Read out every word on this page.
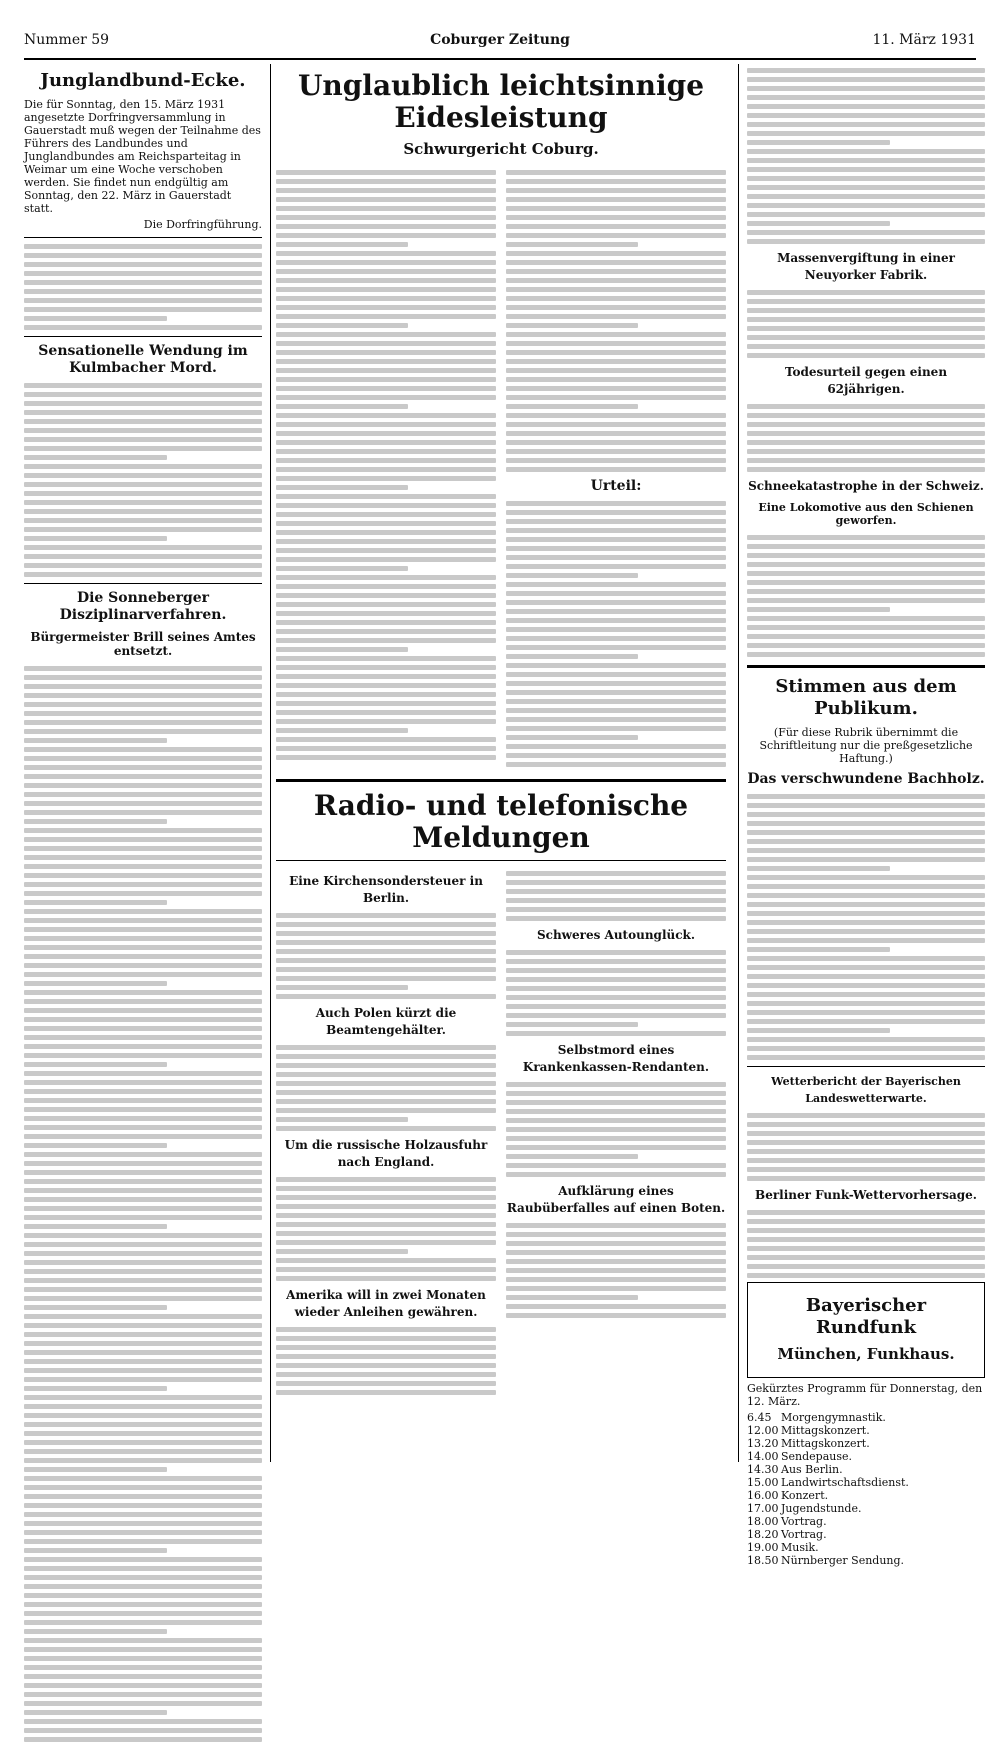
Nummer 59	Coburger Zeitung	11. März 1931
Junglandbund-Ecke.
Die für Sonntag, den 15. März 1931 angesetzte Dorfringversammlung in Gauerstadt muß wegen der Teilnahme des Führers des Landbundes und Junglandbundes am Reichsparteitag in Weimar um eine Woche verschoben werden. Sie findet nun endgültig am Sonntag, den 22. März in Gauerstadt statt.
Die Dorfringführung.
Sensationelle Wendung im Kulmbacher Mord.
Die Sonneberger Disziplinarverfahren.
Bürgermeister Brill seines Amtes entsetzt.
Unglaublich leichtsinnige Eidesleistung
Schwurgericht Coburg.
Urteil:
Radio- und telefonische Meldungen
Eine Kirchensondersteuer in Berlin.
Auch Polen kürzt die Beamtengehälter.
Um die russische Holzausfuhr nach England.
Amerika will in zwei Monaten wieder Anleihen gewähren.
Schweres Autounglück.
Selbstmord eines Krankenkassen-Rendanten.
Aufklärung eines Raubüberfalles auf einen Boten.
Massenvergiftung in einer Neuyorker Fabrik.
Todesurteil gegen einen 62jährigen.
Schneekatastrophe in der Schweiz.
Eine Lokomotive aus den Schienen geworfen.
Stimmen aus dem Publikum.
(Für diese Rubrik übernimmt die Schriftleitung nur die preßgesetzliche Haftung.)
Das verschwundene Bachholz.
Wetterbericht der Bayerischen Landeswetterwarte.
Berliner Funk-Wettervorhersage.
Bayerischer Rundfunk
München, Funkhaus.
Gekürztes Programm für Donnerstag, den 12. März.
6.45 Morgengymnastik.
12.00 Mittagskonzert.
13.20 Mittagskonzert.
14.00 Sendepause.
14.30 Aus Berlin.
15.00 Landwirtschaftsdienst.
16.00 Konzert.
17.00 Jugendstunde.
18.00 Vortrag.
18.20 Vortrag.
19.00 Musik.
18.50 Nürnberger Sendung.
